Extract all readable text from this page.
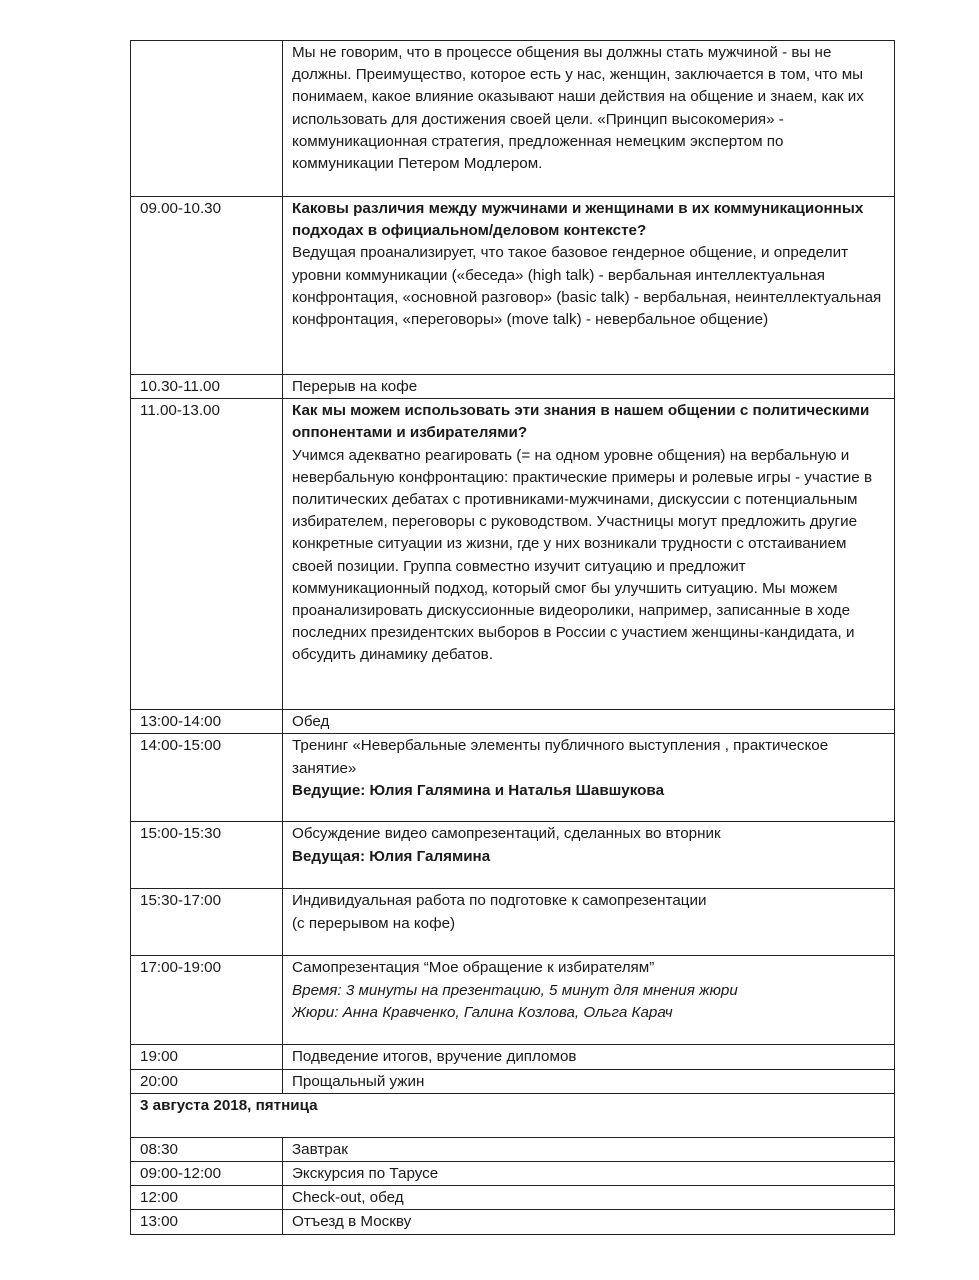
	Мы не говорим, что в процессе общения вы должны стать мужчиной - вы не должны. Преимущество, которое есть у нас, женщин, заключается в том, что мы понимаем, какое влияние оказывают наши действия на общение и знаем, как их использовать для достижения своей цели. «Принцип высокомерия» - коммуникационная стратегия, предложенная немецким экспертом по коммуникации Петером Модлером.
09.00-10.30	Каковы различия между мужчинами и женщинами в их коммуникационных подходах в официальном/деловом контексте?
Ведущая проанализирует, что такое базовое гендерное общение, и определит уровни коммуникации («беседа» (high talk) - вербальная интеллектуальная конфронтация, «основной разговор» (basic talk) - вербальная, неинтеллектуальная конфронтация, «переговоры» (move talk) - невербальное общение)

10.30-11.00	Перерыв на кофе
11.00-13.00	Как мы можем использовать эти знания в нашем общении с политическими оппонентами и избирателями?
Учимся адекватно реагировать (= на одном уровне общения) на вербальную и невербальную конфронтацию: практические примеры и ролевые игры - участие в политических дебатах с противниками-мужчинами, дискуссии с потенциальным избирателем, переговоры с руководством. Участницы могут предложить другие конкретные ситуации из жизни, где у них возникали трудности с отстаиванием своей позиции. Группа совместно изучит ситуацию и предложит коммуникационный подход, который смог бы улучшить ситуацию. Мы можем проанализировать дискуссионные видеоролики, например, записанные в ходе последних президентских выборов в России с участием женщины-кандидата, и обсудить динамику дебатов.

13:00-14:00	Обед
14:00-15:00	Тренинг «Невербальные элементы публичного выступления , практическое занятие»
Ведущие: Юлия Галямина и Наталья Шавшукова

15:00-15:30	Обсуждение видео самопрезентаций, сделанных во вторник
Ведущая: Юлия Галямина

15:30-17:00	Индивидуальная работа по подготовке к самопрезентации
(с перерывом на кофе)

17:00-19:00	Самопрезентация “Мое обращение к избирателям”
Время: 3 минуты на презентацию, 5 минут для мнения жюри
Жюри: Анна Кравченко, Галина Козлова, Ольга Карач

19:00	Подведение итогов, вручение дипломов
20:00	Прощальный ужин
3 августа 2018, пятница	
08:30	Завтрак
09:00-12:00	Экскурсия по Тарусе
12:00	Check-out, обед
13:00	Отъезд в Москву
